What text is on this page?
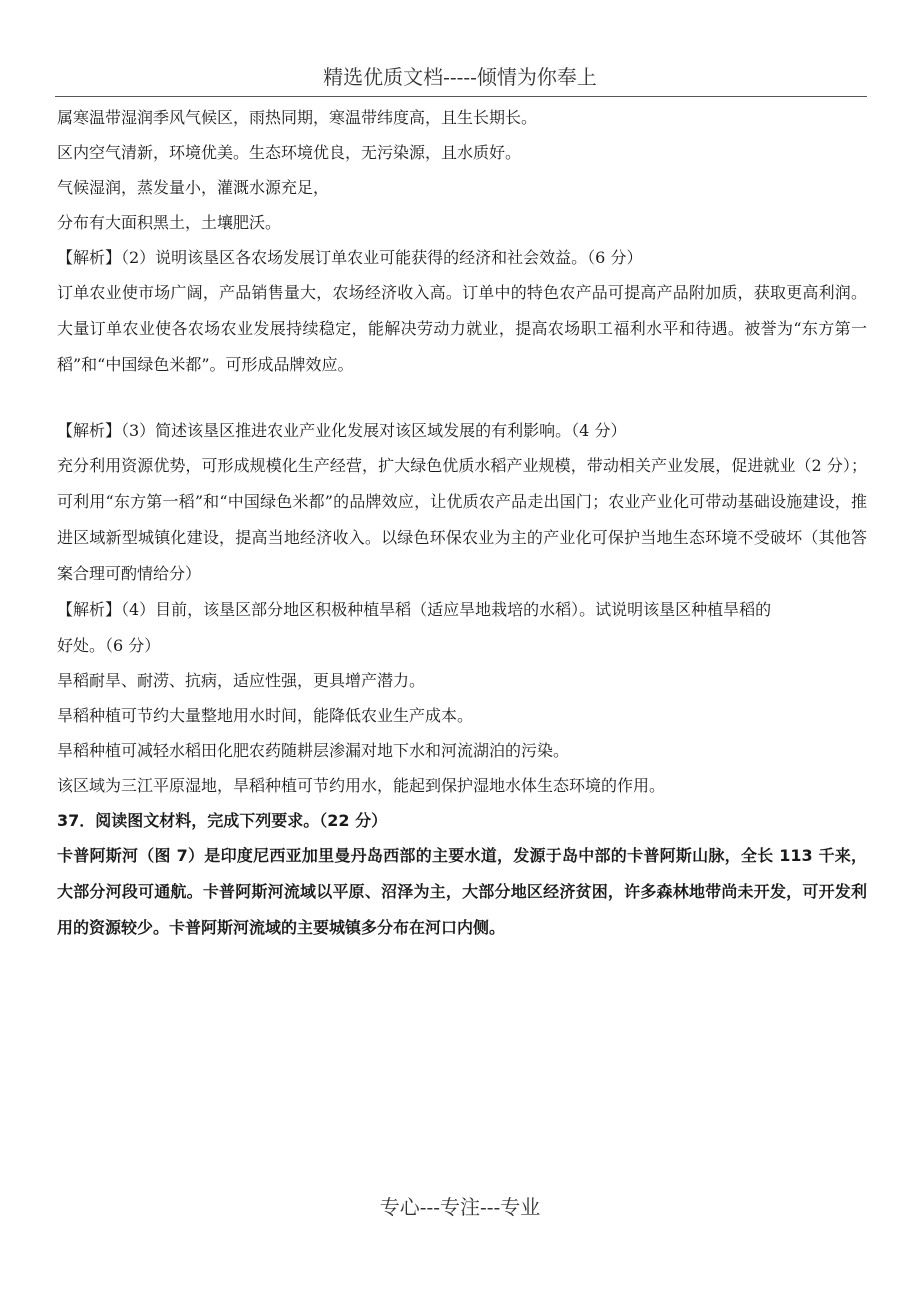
精选优质文档-----倾情为你奉上

属寒温带湿润季风气候区，雨热同期，寒温带纬度高，且生长期长。

区内空气清新，环境优美。生态环境优良，无污染源，且水质好。

气候湿润，蒸发量小，灌溉水源充足，

分布有大面积黑土，土壤肥沃。

【解析】（2）说明该垦区各农场发展订单农业可能获得的经济和社会效益。（6 分）

订单农业使市场广阔，产品销售量大，农场经济收入高。订单中的特色农产品可提高产品附加质，获取更高利润。大量订单农业使各农场农业发展持续稳定，能解决劳动力就业，提高农场职工福利水平和待遇。被誉为“东方第一稻”和“中国绿色米都”。可形成品牌效应。

【解析】（3）简述该垦区推进农业产业化发展对该区域发展的有利影响。（4 分）

充分利用资源优势，可形成规模化生产经营，扩大绿色优质水稻产业规模，带动相关产业发展，促进就业（2 分）；可利用“东方第一稻”和“中国绿色米都”的品牌效应，让优质农产品走出国门；农业产业化可带动基础设施建设，推进区域新型城镇化建设，提高当地经济收入。以绿色环保农业为主的产业化可保护当地生态环境不受破坏（其他答案合理可酌情给分）

【解析】（4）目前，该垦区部分地区积极种植旱稻（适应旱地栽培的水稻）。试说明该垦区种植旱稻的

好处。（6 分）

旱稻耐旱、耐涝、抗病，适应性强，更具增产潜力。

旱稻种植可节约大量整地用水时间，能降低农业生产成本。

旱稻种植可减轻水稻田化肥农药随耕层渗漏对地下水和河流湖泊的污染。

该区域为三江平原湿地，旱稻种植可节约用水，能起到保护湿地水体生态环境的作用。

37．阅读图文材料，完成下列要求。（22 分）

卡普阿斯河（图 7）是印度尼西亚加里曼丹岛西部的主要水道，发源于岛中部的卡普阿斯山脉，全长 113 千来，大部分河段可通航。卡普阿斯河流域以平原、沼泽为主，大部分地区经济贫困，许多森林地带尚未开发，可开发利用的资源较少。卡普阿斯河流域的主要城镇多分布在河口内侧。

专心---专注---专业
